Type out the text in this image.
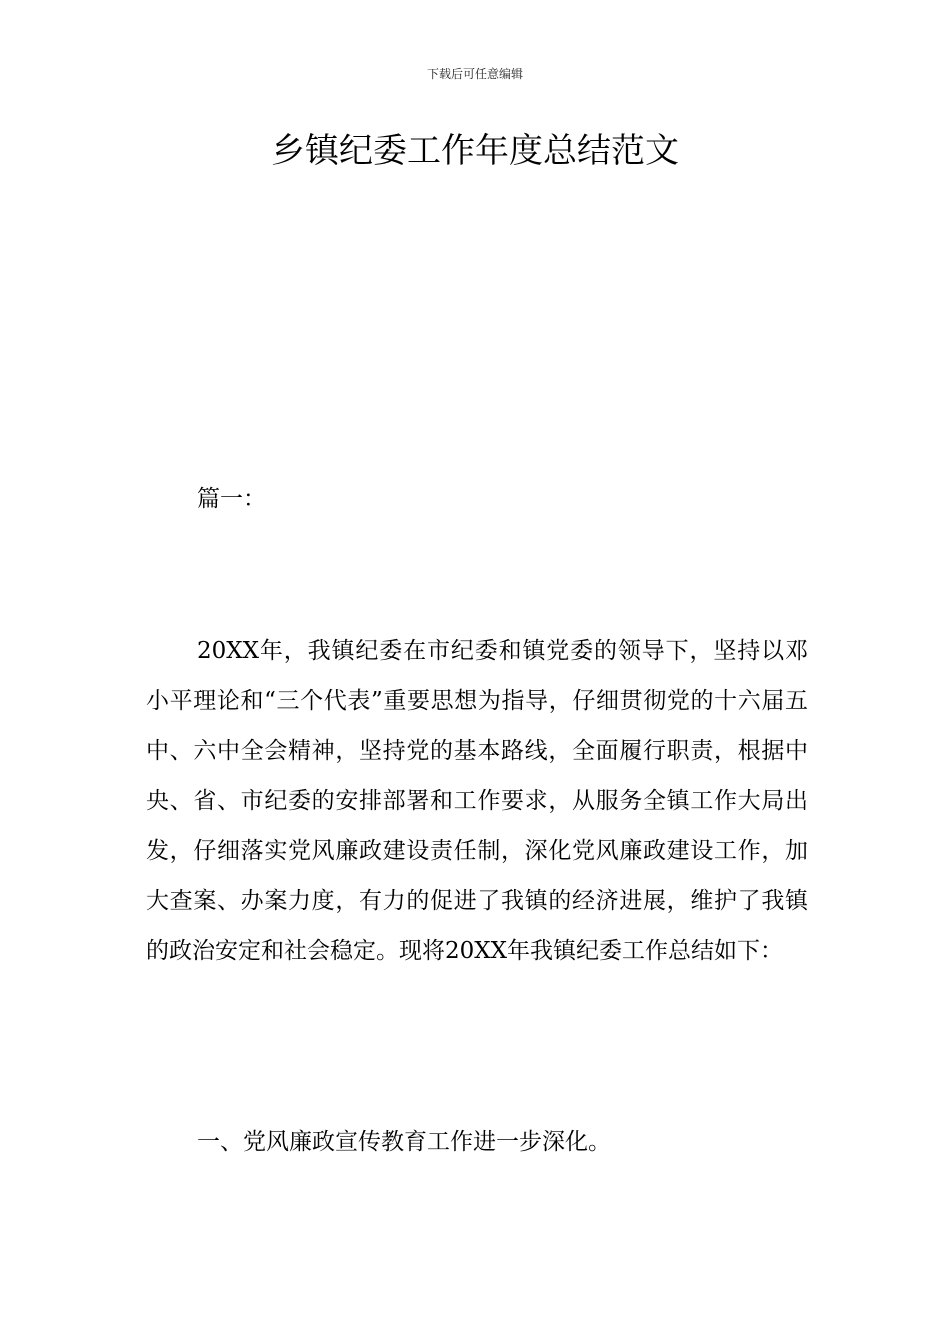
下载后可任意编辑
乡镇纪委工作年度总结范文

篇一：

20XX年，我镇纪委在市纪委和镇党委的领导下，坚持以邓小平理论和“三个代表”重要思想为指导，仔细贯彻党的十六届五中、六中全会精神，坚持党的基本路线，全面履行职责，根据中央、省、市纪委的安排部署和工作要求，从服务全镇工作大局出发，仔细落实党风廉政建设责任制，深化党风廉政建设工作，加大查案、办案力度，有力的促进了我镇的经济进展，维护了我镇的政治安定和社会稳定。现将20XX年我镇纪委工作总结如下：

一、党风廉政宣传教育工作进一步深化。
